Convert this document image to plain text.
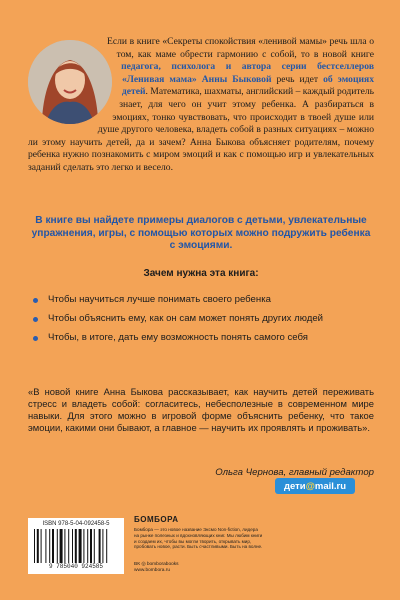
Если в книге «Секреты спокойствия «ленивой мамы» речь шла о том, как маме обрести гармонию с собой, то в новой книге педагога, психолога и автора серии бестселлеров «Ленивая мама» Анны Быковой речь идет об эмоциях детей. Математика, шахматы, английский – каждый родитель знает, для чего он учит этому ребенка. А разбираться в эмоциях, тонко чувствовать, что происходит в твоей душе или душе другого человека, владеть собой в разных ситуациях – можно ли этому научить детей, да и зачем? Анна Быкова объясняет родителям, почему ребенка нужно познакомить с миром эмоций и как с помощью игр и увлекательных заданий сделать это легко и весело.

В книге вы найдете примеры диалогов с детьми, увлекательные упражнения, игры, с помощью которых можно подружить ребенка с эмоциями.

Зачем нужна эта книга:
Чтобы научиться лучше понимать своего ребенка
Чтобы объяснить ему, как он сам может понять других людей
Чтобы, в итоге, дать ему возможность понять самого себя

«В новой книге Анна Быкова рассказывает, как научить детей переживать стресс и владеть собой: согласитесь, небесполезные в современном мире навыки. Для этого можно в игровой форме объяснить ребенку, что такое эмоции, какими они бывают, а главное — научить их проявлять и проживать».

Ольга Чернова, главный редактор

дети @ mail.ru
ISBN 978-5-04-092458-5
9 785040 924585
БОМБОРА

Бомбора — это новое название Эксмо Non-fiction, лидера на рынке полезных и вдохновляющих книг. Мы любим книги и создаем их, чтобы вы могли творить, открывать мир, пробовать новое, расти. Быть счастливыми. Быть на волне.

ВК ◎ bomborabooks
www.bombora.ru
